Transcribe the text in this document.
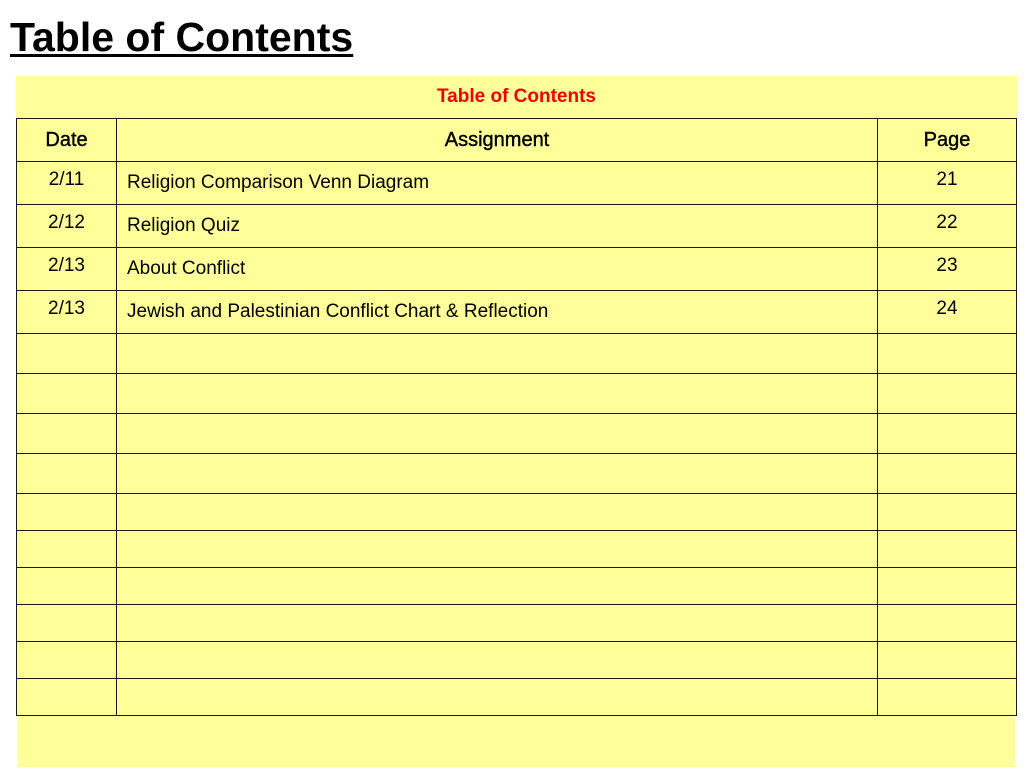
Table of Contents
Table of Contents		
Date	Assignment	Page
2/11	Religion Comparison Venn Diagram	21
2/12	Religion Quiz	22
2/13	About Conflict	23
2/13	Jewish and Palestinian Conflict Chart & Reflection	24
